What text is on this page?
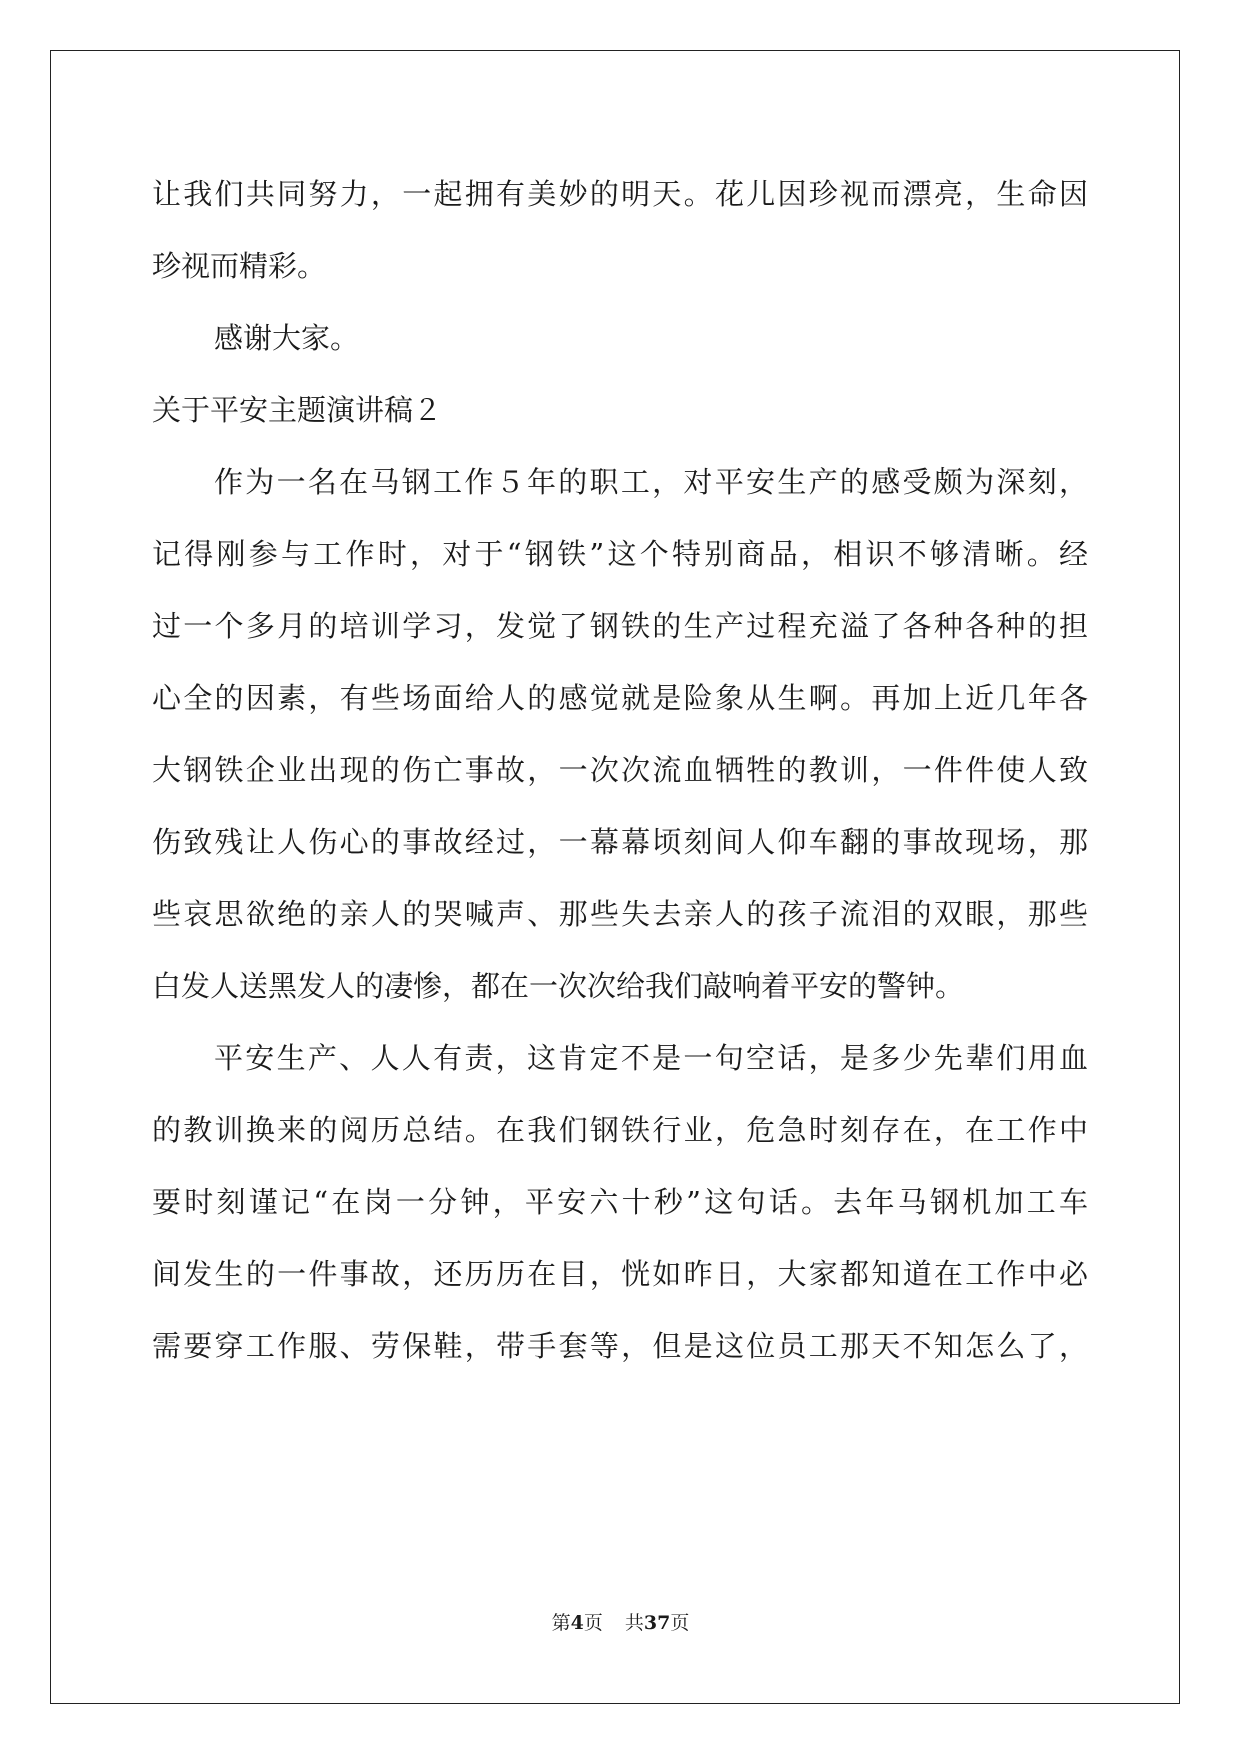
让我们共同努力，一起拥有美妙的明天。花儿因珍视而漂亮，生命因
珍视而精彩。
感谢大家。
关于平安主题演讲稿２
作为一名在马钢工作５年的职工，对平安生产的感受颇为深刻，
记得刚参与工作时，对于“钢铁”这个特别商品，相识不够清晰。经
过一个多月的培训学习，发觉了钢铁的生产过程充溢了各种各种的担
心全的因素，有些场面给人的感觉就是险象从生啊。再加上近几年各
大钢铁企业出现的伤亡事故，一次次流血牺牲的教训，一件件使人致
伤致残让人伤心的事故经过，一幕幕顷刻间人仰车翻的事故现场，那
些哀思欲绝的亲人的哭喊声、那些失去亲人的孩子流泪的双眼，那些
白发人送黑发人的凄惨，都在一次次给我们敲响着平安的警钟。
平安生产、人人有责，这肯定不是一句空话，是多少先辈们用血
的教训换来的阅历总结。在我们钢铁行业，危急时刻存在，在工作中
要时刻谨记“在岗一分钟，平安六十秒”这句话。去年马钢机加工车
间发生的一件事故，还历历在目，恍如昨日，大家都知道在工作中必
需要穿工作服、劳保鞋，带手套等，但是这位员工那天不知怎么了，
第4页 共37页
